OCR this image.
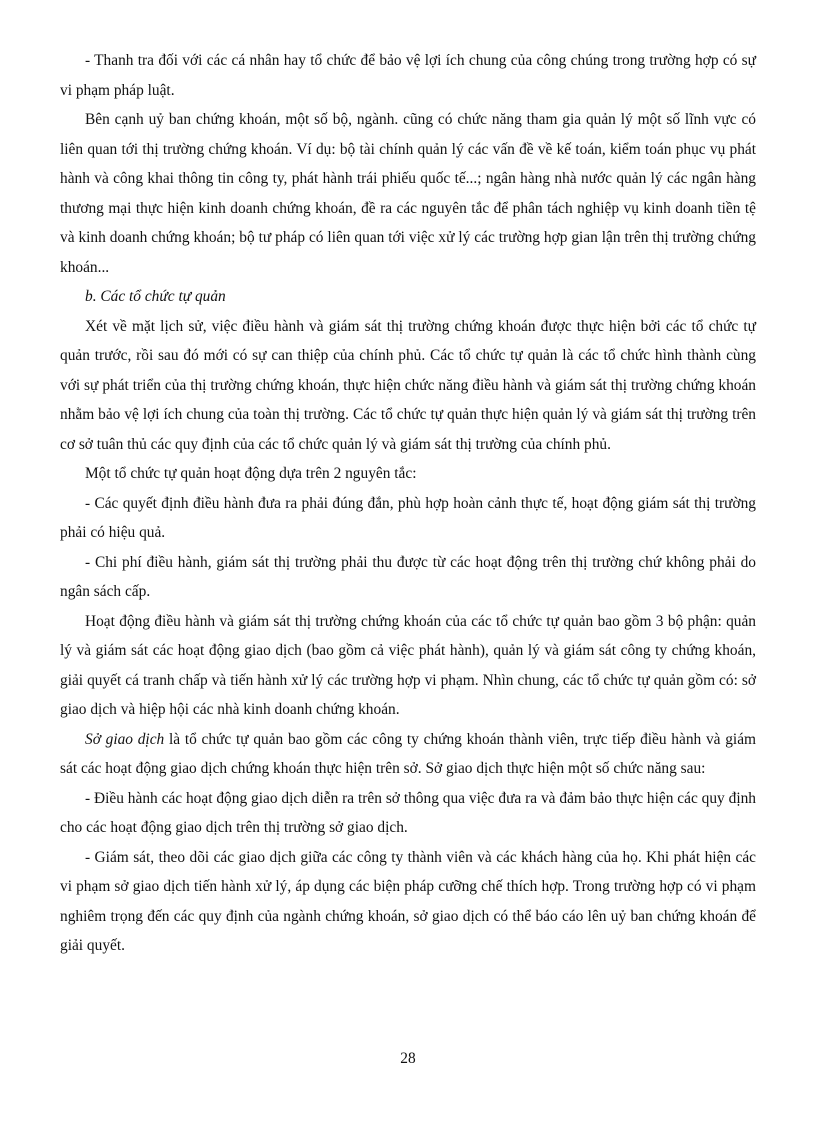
- Thanh tra đối với các cá nhân hay tổ chức để bảo vệ lợi ích chung của công chúng trong trường hợp có sự vi phạm pháp luật.

Bên cạnh uỷ ban chứng khoán, một số bộ, ngành. cũng có chức năng tham gia quản lý một số lĩnh vực có liên quan tới thị trường chứng khoán. Ví dụ: bộ tài chính quản lý các vấn đề về kế toán, kiểm toán phục vụ phát hành và công khai thông tin công ty, phát hành trái phiếu quốc tế...; ngân hàng nhà nước quản lý các ngân hàng thương mại thực hiện kinh doanh chứng khoán, đề ra các nguyên tắc để phân tách nghiệp vụ kinh doanh tiền tệ và kinh doanh chứng khoán; bộ tư pháp có liên quan tới việc xử lý các trường hợp gian lận trên thị trường chứng khoán...

b. Các tổ chức tự quản

Xét về mặt lịch sử, việc điều hành và giám sát thị trường chứng khoán được thực hiện bởi các tổ chức tự quản trước, rồi sau đó mới có sự can thiệp của chính phủ. Các tổ chức tự quản là các tổ chức hình thành cùng với sự phát triển của thị trường chứng khoán, thực hiện chức năng điều hành và giám sát thị trường chứng khoán nhằm bảo vệ lợi ích chung của toàn thị trường. Các tổ chức tự quản thực hiện quản lý và giám sát thị trường trên cơ sở tuân thủ các quy định của các tổ chức quản lý và giám sát thị trường của chính phủ.

Một tổ chức tự quản hoạt động dựa trên 2 nguyên tắc:

- Các quyết định điều hành đưa ra phải đúng đắn, phù hợp hoàn cảnh thực tế, hoạt động giám sát thị trường phải có hiệu quả.

- Chi phí điều hành, giám sát thị trường phải thu được từ các hoạt động trên thị trường chứ không phải do ngân sách cấp.

Hoạt động điều hành và giám sát thị trường chứng khoán của các tổ chức tự quản bao gồm 3 bộ phận: quản lý và giám sát các hoạt động giao dịch (bao gồm cả việc phát hành), quản lý và giám sát công ty chứng khoán, giải quyết cá tranh chấp và tiến hành xử lý các trường hợp vi phạm. Nhìn chung, các tổ chức tự quản gồm có: sở giao dịch và hiệp hội các nhà kinh doanh chứng khoán.

Sở giao dịch là tổ chức tự quản bao gồm các công ty chứng khoán thành viên, trực tiếp điều hành và giám sát các hoạt động giao dịch chứng khoán thực hiện trên sở. Sở giao dịch thực hiện một số chức năng sau:

- Điều hành các hoạt động giao dịch diễn ra trên sở thông qua việc đưa ra và đảm bảo thực hiện các quy định cho các hoạt động giao dịch trên thị trường sở giao dịch.

- Giám sát, theo dõi các giao dịch giữa các công ty thành viên và các khách hàng của họ. Khi phát hiện các vi phạm sở giao dịch tiến hành xử lý, áp dụng các biện pháp cưỡng chế thích hợp. Trong trường hợp có vi phạm nghiêm trọng đến các quy định của ngành chứng khoán, sở giao dịch có thể báo cáo lên uỷ ban chứng khoán để giải quyết.

28
